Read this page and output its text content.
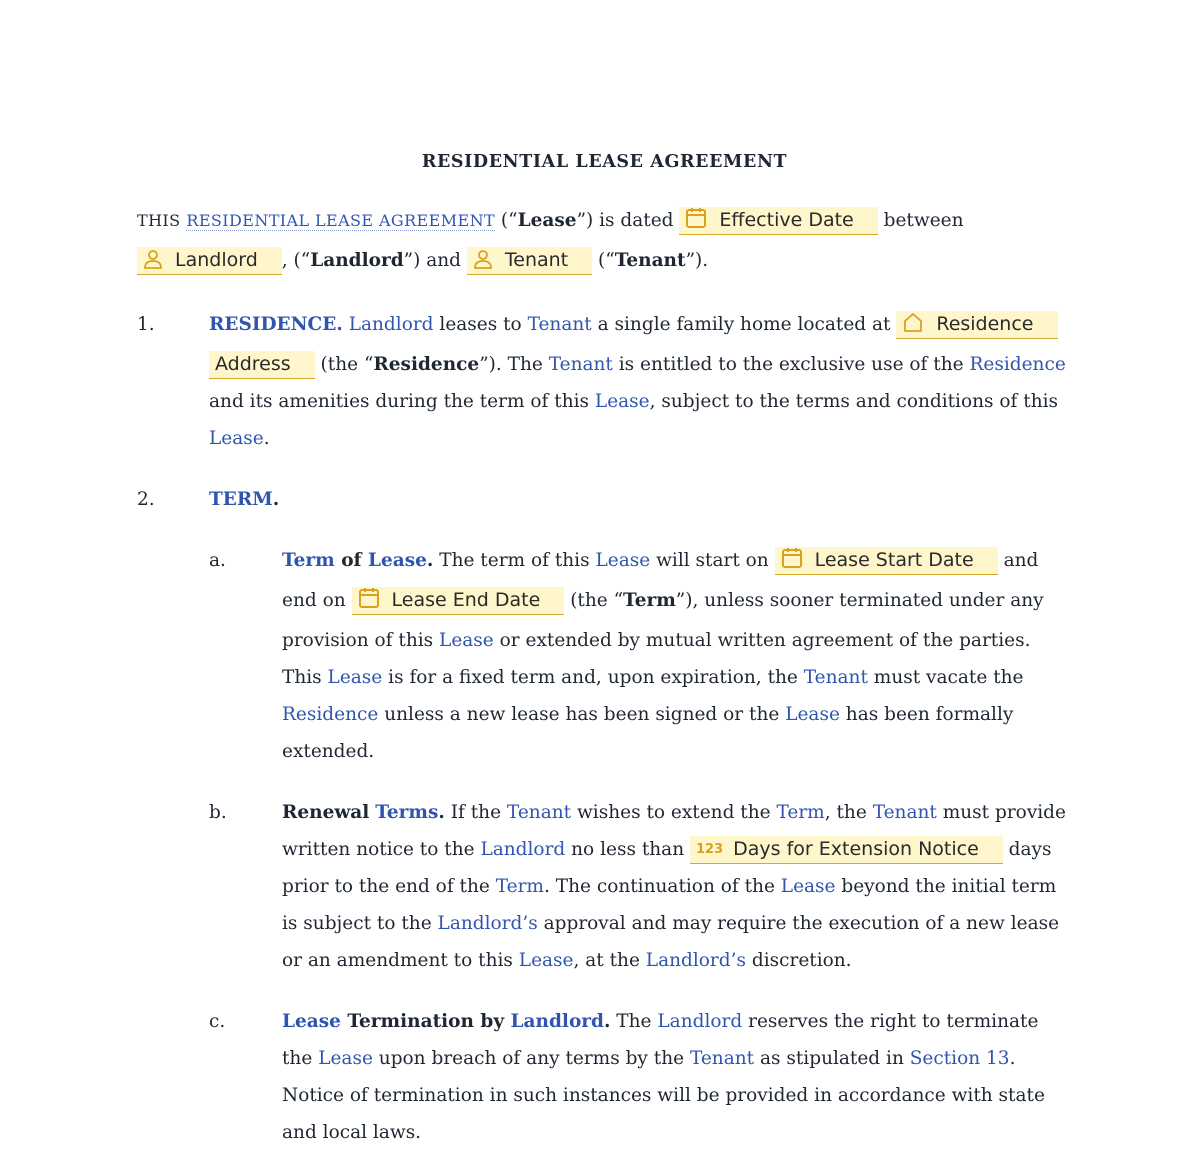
RESIDENTIAL LEASE AGREEMENT

THIS RESIDENTIAL LEASE AGREEMENT (“Lease”) is dated Effective Date between
Landlord , (“Landlord”) and Tenant (“Tenant”).

1.	RESIDENCE. Landlord leases to Tenant a single family home located at Residence Address (the “Residence”). The Tenant is entitled to the exclusive use of the Residence and its amenities during the term of this Lease, subject to the terms and conditions of this Lease.

2.	TERM.

a.	Term of Lease. The term of this Lease will start on Lease Start Date and end on Lease End Date (the “Term”), unless sooner terminated under any provision of this Lease or extended by mutual written agreement of the parties. This Lease is for a fixed term and, upon expiration, the Tenant must vacate the Residence unless a new lease has been signed or the Lease has been formally extended.

b.	Renewal Terms. If the Tenant wishes to extend the Term, the Tenant must provide written notice to the Landlord no less than 123 Days for Extension Notice days prior to the end of the Term. The continuation of the Lease beyond the initial term is subject to the Landlord’s approval and may require the execution of a new lease or an amendment to this Lease, at the Landlord’s discretion.

c.	Lease Termination by Landlord. The Landlord reserves the right to terminate the Lease upon breach of any terms by the Tenant as stipulated in Section 13. Notice of termination in such instances will be provided in accordance with state and local laws.
